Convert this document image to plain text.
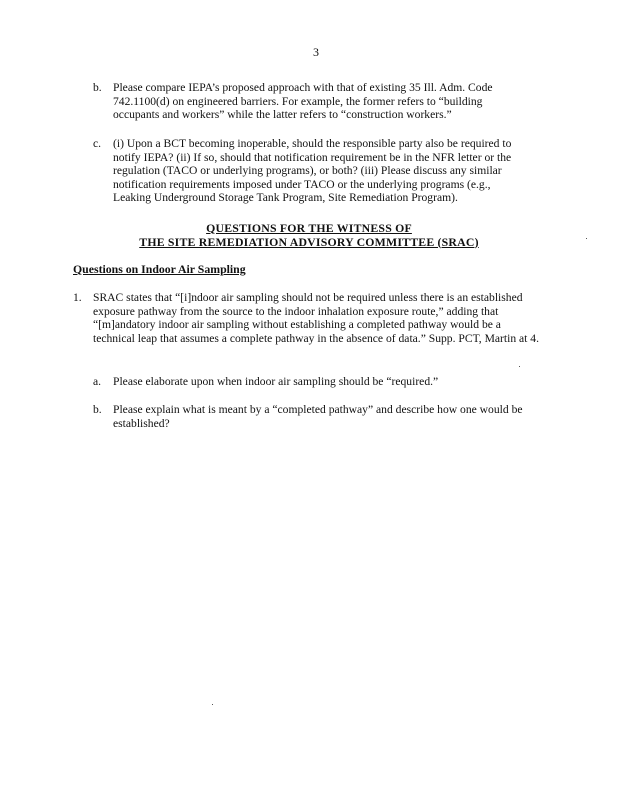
3
b. Please compare IEPA’s proposed approach with that of existing 35 Ill. Adm. Code 742.1100(d) on engineered barriers. For example, the former refers to “building occupants and workers” while the latter refers to “construction workers.”
c. (i) Upon a BCT becoming inoperable, should the responsible party also be required to notify IEPA? (ii) If so, should that notification requirement be in the NFR letter or the regulation (TACO or underlying programs), or both? (iii) Please discuss any similar notification requirements imposed under TACO or the underlying programs (e.g., Leaking Underground Storage Tank Program, Site Remediation Program).
QUESTIONS FOR THE WITNESS OF
THE SITE REMEDIATION ADVISORY COMMITTEE (SRAC)
Questions on Indoor Air Sampling
1. SRAC states that “[i]ndoor air sampling should not be required unless there is an established exposure pathway from the source to the indoor inhalation exposure route,” adding that “[m]andatory indoor air sampling without establishing a completed pathway would be a technical leap that assumes a complete pathway in the absence of data.” Supp. PCT, Martin at 4.
a. Please elaborate upon when indoor air sampling should be “required.”
b. Please explain what is meant by a “completed pathway” and describe how one would be established?
